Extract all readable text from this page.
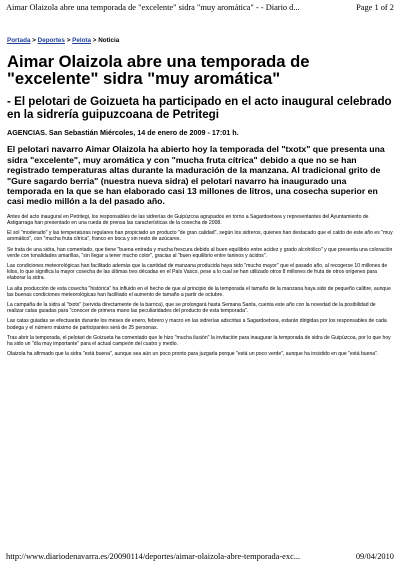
Aimar Olaizola abre una temporada de "excelente" sidra "muy aromática" - - Diario d...	Page 1 of 2
Portada > Deportes > Pelota > Noticia
Aimar Olaizola abre una temporada de "excelente" sidra "muy aromática"
- El pelotari de Goizueta ha participado en el acto inaugural celebrado en la sidrería guipuzcoana de Petritegi
AGENCIAS. San Sebastián Miércoles, 14 de enero de 2009 - 17:01 h.

El pelotari navarro Aimar Olaizola ha abierto hoy la temporada del "txotx" que presenta una sidra "excelente", muy aromática y con "mucha fruta cítrica" debido a que no se han registrado temperaturas altas durante la maduración de la manzana. Al tradicional grito de "Gure sagardo berria" (nuestra nueva sidra) el pelotari navarro ha inaugurado una temporada en la que se han elaborado casi 13 millones de litros, una cosecha superior en casi medio millón a la del pasado año.

Antes del acto inaugural en Petritegi, los responsables de las sidrerías de Guipúzcoa agrupados en torno a Sagardoetxea y representantes del Ayuntamiento de Astigarraga han presentado en una rueda de prensa las características de la cosecha de 2008.

El sol "moderado" y las temperaturas regulares han propiciado un producto "de gran calidad", según los sidreros, quienes han destacado que el caldo de este año es "muy aromático", con "mucha fruta cítrica", franco en boca y sin resto de azúcares.

Se trata de una sidra, han comentado, que tiene "buena entrada y mucha frescura debido al buen equilibrio entre acidez y grado alcohólico" y que presenta una coloración verde con tonalidades amarillas, "sin llegar a tener mucho color", gracias al "buen equilibrio entre taninos y ácidos".

Las condiciones meteorológicas han facilitado además que la cantidad de manzana producida haya sido "mucho mayor" que el pasado año, al recogerse 10 millones de kilos, lo que significa la mayor cosecha de las últimas tres décadas en el País Vasco, pese a lo cual se han utilizado otros 8 millones de fruta de otros orígenes para elaborar la sidra.

La alta producción de esta cosecha "histórica" ha influido en el hecho de que al principio de la temporada el tamaño de la manzana haya sido de pequeño calibre, aunque las buenas condiciones meteorológicas han facilitado el aumento de tamaño a partir de octubre.

La campaña de la sidra al "txotx" (servida directamente de la barrica), que se prolongará hasta Semana Santa, cuenta este año con la novedad de la posibilidad de realizar catas guiadas para "conocer de primera mano las peculiaridades del producto de esta temporada".

Las catas guiadas se efectuarán durante los meses de enero, febrero y marzo en las sidrerías adscritas a Sagardoetxea, estarán dirigidas por los responsables de cada bodega y el número máximo de participantes será de 25 personas.

Tras abrir la temporada, el pelotari de Goizueta ha comentado que le hizo "mucha ilusión" la invitación para inaugurar la temporada de sidra de Guipúzcoa, por lo que hoy ha sido un "día muy importante" para el actual campeón del cuatro y medio.

Olaizola ha afirmado que la sidra "está buena", aunque sea aún un poco pronto para juzgarla porque "está un poco verde", aunque ha insistido en que "está buena".

http://www.diariodenavarra.es/20090114/deportes/aimar-olaizola-abre-temporada-exc...	09/04/2010
